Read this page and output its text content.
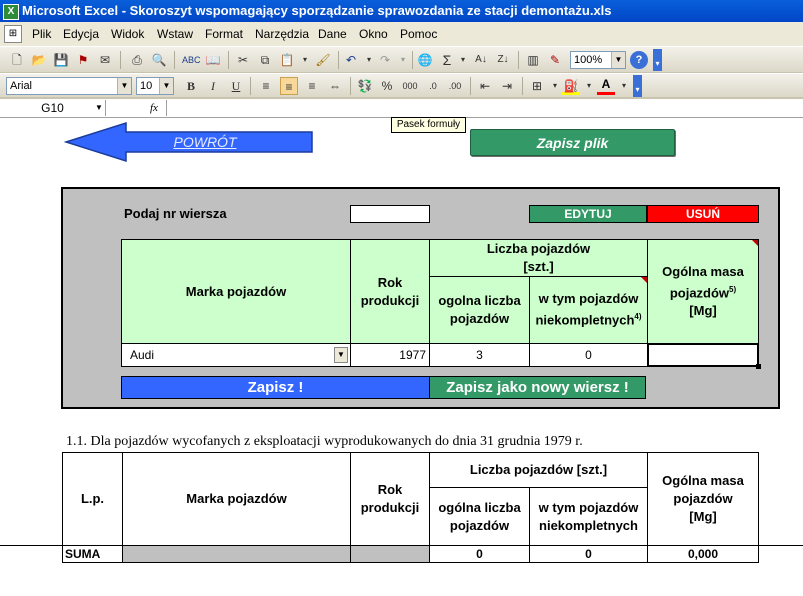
X Microsoft Excel - Skoroszyt wspomagający sporządzanie sprawozdania ze stacji demontażu.xls
⊞	Plik Edycja Widok Wstaw Format Narzędzia Dane Okno Pomoc
🗋 📂 💾 ⚑ ✉	⎙ 🔍 ABC 📖	✂	⧉ 📋	▾ 🖌	↶	▾ ↷	▾	🌐 Σ	▾	A↓	Z↓ ▥ ✎	100%	▼	?	▾
Arial	▼	10	▼	B	I	U	≡	≡	≡	⇔ 💱 %	000	.0	.00	⇤ ⇥	⊞	▾ ⛽	▾ A	▾	▾
G10	▼	fx
Pasek formuły
POWRÓT	Zapisz plik
Podaj nr wiersza	EDYTUJ	USUŃ
Marka pojazdów
Rok produkcji
Liczba pojazdów [szt.]
ogolna liczba pojazdów
w tym pojazdów niekompletnych$^{4)}$
Ogólna masa pojazdów$^{5)}$
[Mg]
Audi	▼	1977	3	0
Zapisz !	Zapisz jako nowy wiersz !
1.1. Dla pojazdów wycofanych z eksploatacji wyprodukowanych do dnia 31 grudnia 1979 r.
L.p.	Marka pojazdów
Rok produkcji
Liczba pojazdów [szt.]
ogólna liczba pojazdów
w tym pojazdów niekompletnych
Ogólna masa pojazdów
[Mg]
SUMA	0	0	0,000
